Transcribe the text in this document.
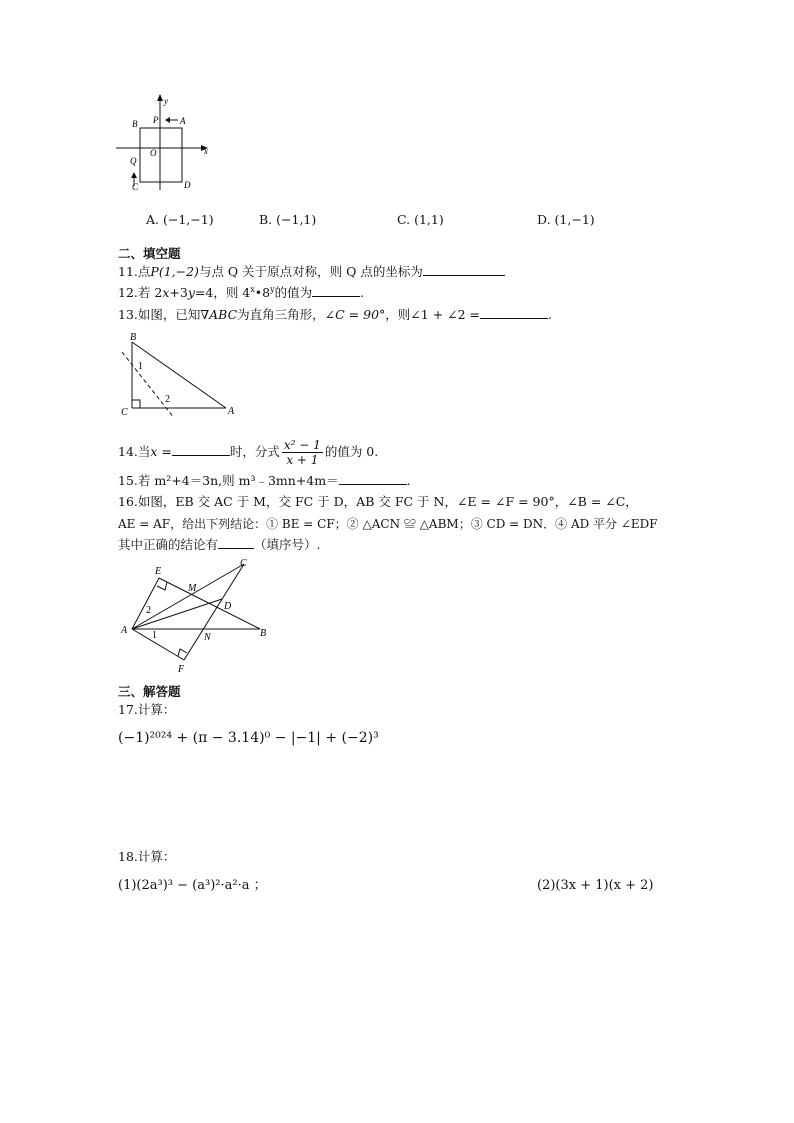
y
x
B	A
P
O
Q
C	D
A. (−1,−1)	B. (−1,1)	C. (1,1)	D. (1,−1)
二、填空题
11.点P(1,−2)与点 Q 关于原点对称，则 Q 点的坐标为
12.若 2x+3y=4，则 4$^x$•8$^y$的值为	.
13.如图，已知∇ABC为直角三角形，∠C = 90°，则∠1 + ∠2 =	.
B
C	A
1
2
14.当x =	时，分式 $\frac{\text{x² − 1}}{x + 1}$ 的值为 0.
15.若 m²+4＝3n,则 m³﹣3mn+4m＝	.
16.如图，EB 交 AC 于 M，交 FC 于 D，AB 交 FC 于 N，∠E = ∠F = 90°，∠B = ∠C，
AE = AF，给出下列结论：① BE = CF；② △ACN ≌ △ABM；③ CD = DN．④ AD 平分 ∠EDF
其中正确的结论有	（填序号）.
E
C
M
D
A	B
N
F
2
1
三、解答题
17.计算：
(−1)²⁰²⁴ + (π − 3.14)⁰ − |−1| + (−2)³
18.计算：
(1)(2a³)³ − (a³)²·a²·a ；	(2)(3x + 1)(x + 2)
